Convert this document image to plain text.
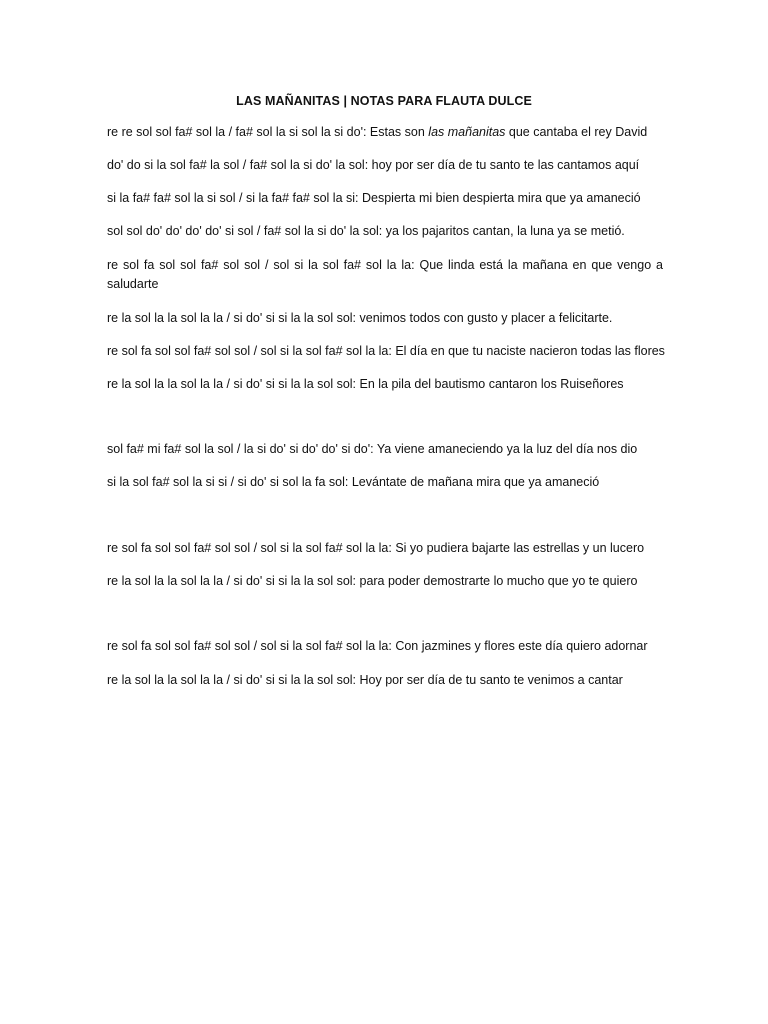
LAS MAÑANITAS | NOTAS PARA FLAUTA DULCE

re re sol sol fa# sol la / fa# sol la si sol la si do': Estas son las mañanitas que cantaba el rey David

do' do si la sol fa# la sol / fa# sol la si do' la sol: hoy por ser día de tu santo te las cantamos aquí

si la fa# fa# sol la si sol / si la fa# fa# sol la si: Despierta mi bien despierta mira que ya amaneció

sol sol do' do' do' do' si sol / fa# sol la si do' la sol: ya los pajaritos cantan, la luna ya se metió.

re sol fa sol sol fa# sol sol / sol si la sol fa# sol la la: Que linda está la mañana en que vengo a saludarte

re la sol la la sol la la / si do' si si la la sol sol: venimos todos con gusto y placer a felicitarte.

re sol fa sol sol fa# sol sol / sol si la sol fa# sol la la: El día en que tu naciste nacieron todas las flores

re la sol la la sol la la / si do' si si la la sol sol: En la pila del bautismo cantaron los Ruiseñores

sol fa# mi fa# sol la sol / la si do' si do' do' si do': Ya viene amaneciendo ya la luz del día nos dio

si la sol fa# sol la si si / si do' si sol la fa sol: Levántate de mañana mira que ya amaneció

re sol fa sol sol fa# sol sol / sol si la sol fa# sol la la: Si yo pudiera bajarte las estrellas y un lucero

re la sol la la sol la la / si do' si si la la sol sol: para poder demostrarte lo mucho que yo te quiero

re sol fa sol sol fa# sol sol / sol si la sol fa# sol la la: Con jazmines y flores este día quiero adornar

re la sol la la sol la la / si do' si si la la sol sol: Hoy por ser día de tu santo te venimos a cantar
